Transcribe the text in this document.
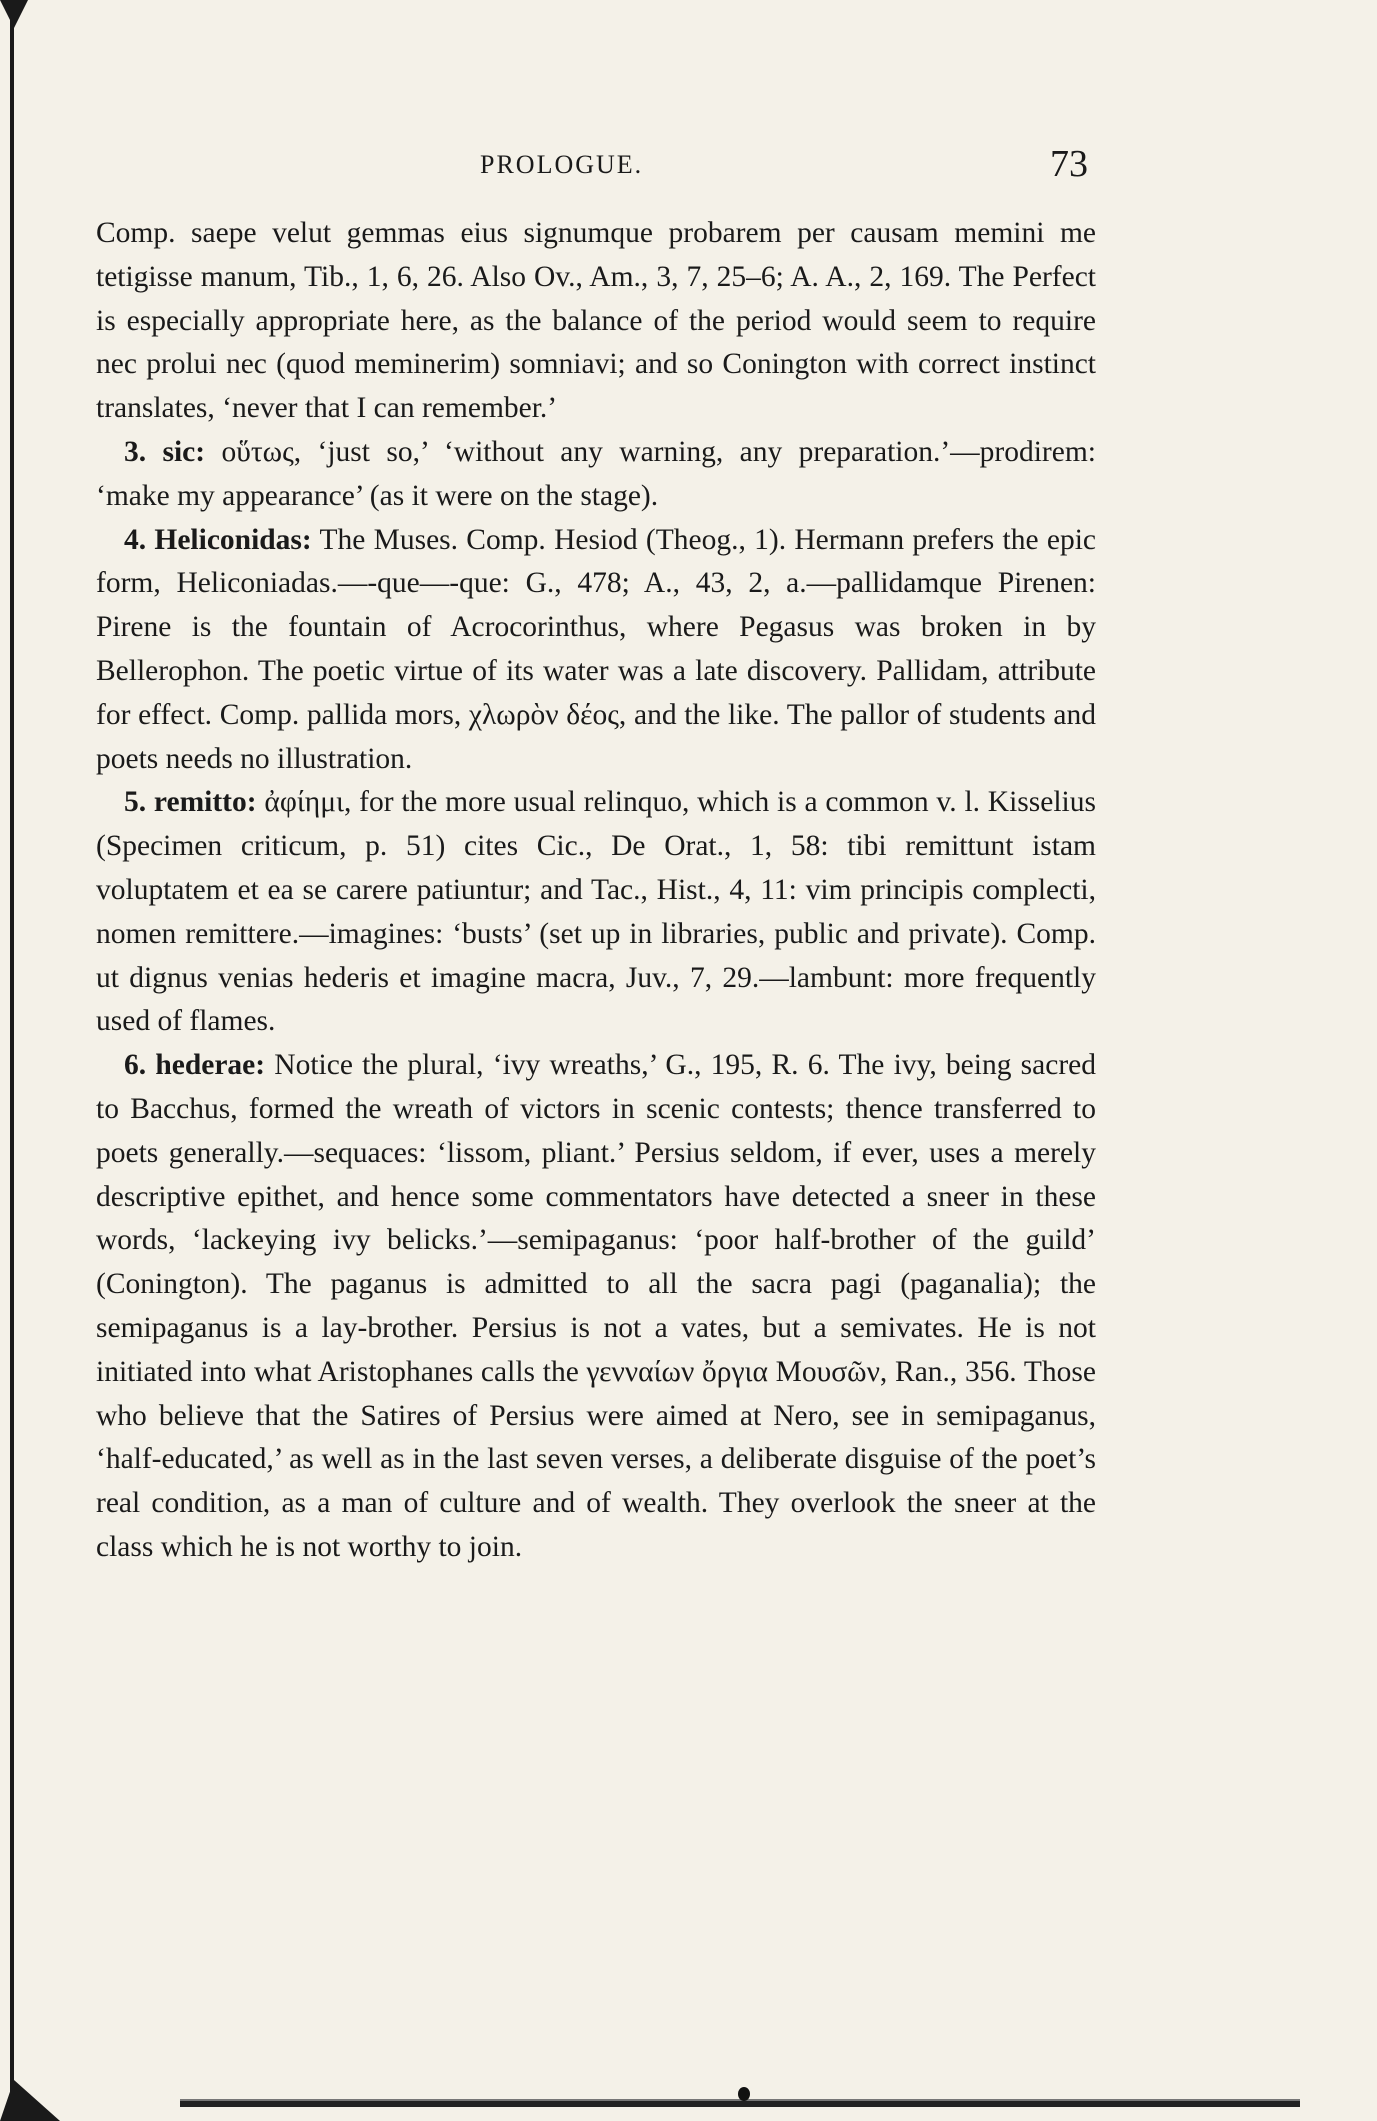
PROLOGUE.	73

Comp. saepe velut gemmas eius signumque probarem per causam memini me tetigisse manum, Tib., 1, 6, 26. Also Ov., Am., 3, 7, 25–6; A. A., 2, 169. The Perfect is especially appropriate here, as the balance of the period would seem to require nec prolui nec (quod meminerim) somniavi; and so Conington with correct instinct translates, ‘never that I can remember.’

3. sic: οὕτως, ‘just so,’ ‘without any warning, any preparation.’—prodirem: ‘make my appearance’ (as it were on the stage).

4. Heliconidas: The Muses. Comp. Hesiod (Theog., 1). Hermann prefers the epic form, Heliconiadas.—-que—-que: G., 478; A., 43, 2, a.—pallidamque Pirenen: Pirene is the fountain of Acrocorinthus, where Pegasus was broken in by Bellerophon. The poetic virtue of its water was a late discovery. Pallidam, attribute for effect. Comp. pallida mors, χλωρὸν δέος, and the like. The pallor of students and poets needs no illustration.

5. remitto: ἀφίημι, for the more usual relinquo, which is a common v. l. Kisselius (Specimen criticum, p. 51) cites Cic., De Orat., 1, 58: tibi remittunt istam voluptatem et ea se carere patiuntur; and Tac., Hist., 4, 11: vim principis complecti, nomen remittere.—imagines: ‘busts’ (set up in libraries, public and private). Comp. ut dignus venias hederis et imagine macra, Juv., 7, 29.—lambunt: more frequently used of flames.

6. hederae: Notice the plural, ‘ivy wreaths,’ G., 195, R. 6. The ivy, being sacred to Bacchus, formed the wreath of victors in scenic contests; thence transferred to poets generally.—sequaces: ‘lissom, pliant.’ Persius seldom, if ever, uses a merely descriptive epithet, and hence some commentators have detected a sneer in these words, ‘lackeying ivy belicks.’—semipaganus: ‘poor half-brother of the guild’ (Conington). The paganus is admitted to all the sacra pagi (paganalia); the semipaganus is a lay-brother. Persius is not a vates, but a semivates. He is not initiated into what Aristophanes calls the γενναίων ὄργια Μουσῶν, Ran., 356. Those who believe that the Satires of Persius were aimed at Nero, see in semipaganus, ‘half-educated,’ as well as in the last seven verses, a deliberate disguise of the poet’s real condition, as a man of culture and of wealth. They overlook the sneer at the class which he is not worthy to join.
